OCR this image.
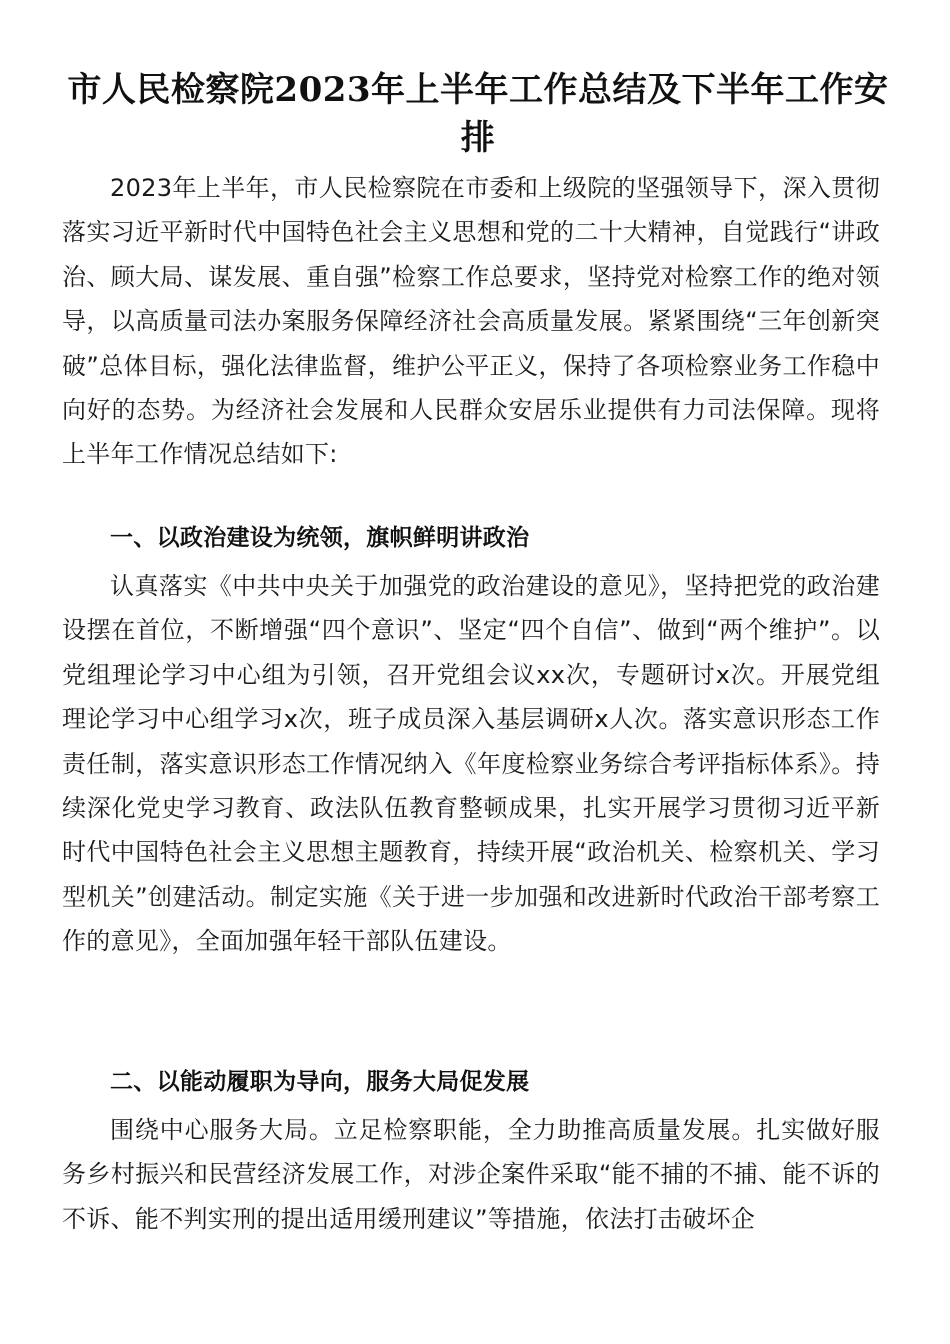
市人民检察院2023年上半年工作总结及下半年工作安排

2023年上半年，市人民检察院在市委和上级院的坚强领导下，深入贯彻落实习近平新时代中国特色社会主义思想和党的二十大精神，自觉践行“讲政治、顾大局、谋发展、重自强”检察工作总要求，坚持党对检察工作的绝对领导，以高质量司法办案服务保障经济社会高质量发展。紧紧围绕“三年创新突破”总体目标，强化法律监督，维护公平正义，保持了各项检察业务工作稳中向好的态势。为经济社会发展和人民群众安居乐业提供有力司法保障。现将上半年工作情况总结如下:

一、以政治建设为统领，旗帜鲜明讲政治

认真落实《中共中央关于加强党的政治建设的意见》，坚持把党的政治建设摆在首位，不断增强“四个意识”、坚定“四个自信”、做到“两个维护”。以党组理论学习中心组为引领，召开党组会议xx次，专题研讨x次。开展党组理论学习中心组学习x次，班子成员深入基层调研x人次。落实意识形态工作责任制，落实意识形态工作情况纳入《年度检察业务综合考评指标体系》。持续深化党史学习教育、政法队伍教育整顿成果，扎实开展学习贯彻习近平新时代中国特色社会主义思想主题教育，持续开展“政治机关、检察机关、学习型机关”创建活动。制定实施《关于进一步加强和改进新时代政治干部考察工作的意见》，全面加强年轻干部队伍建设。

二、以能动履职为导向，服务大局促发展

围绕中心服务大局。立足检察职能，全力助推高质量发展。扎实做好服务乡村振兴和民营经济发展工作，对涉企案件采取“能不捕的不捕、能不诉的不诉、能不判实刑的提出适用缓刑建议”等措施，依法打击破坏企
